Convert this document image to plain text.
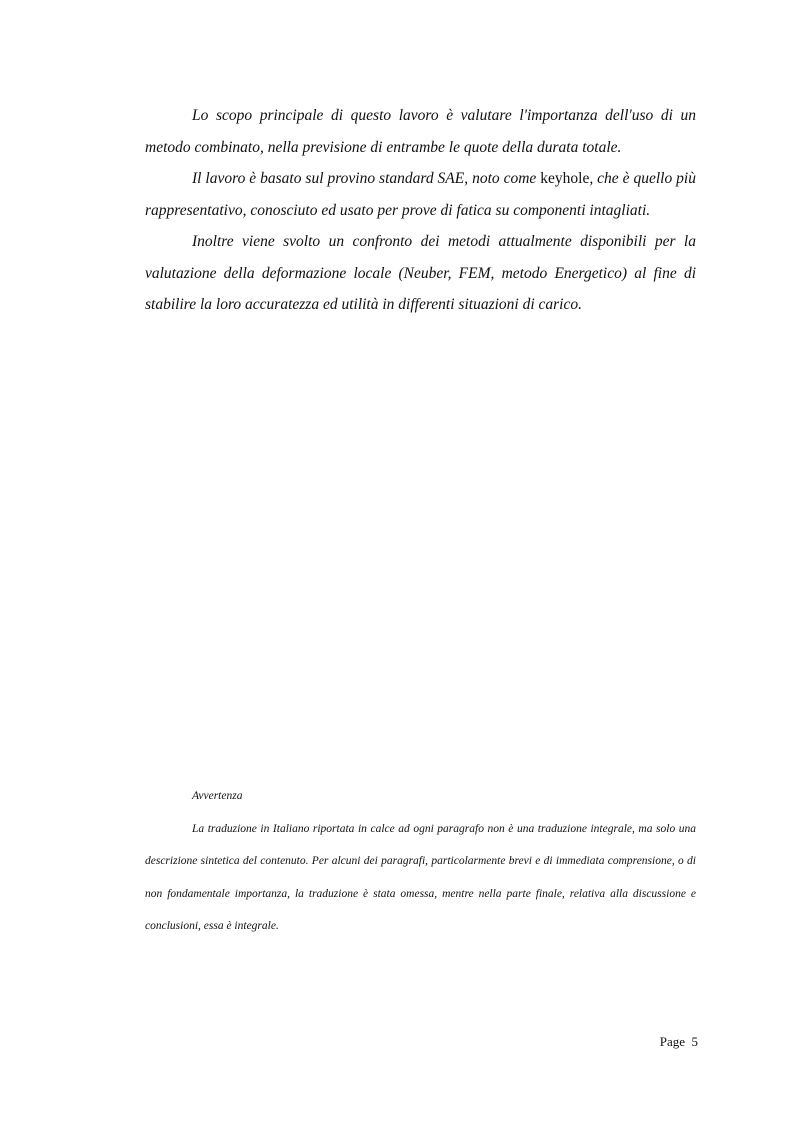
Lo scopo principale di questo lavoro è valutare l'importanza dell'uso di un metodo combinato, nella previsione di entrambe le quote della durata totale.

Il lavoro è basato sul provino standard SAE, noto come keyhole, che è quello più rappresentativo, conosciuto ed usato per prove di fatica su componenti intagliati.

Inoltre viene svolto un confronto dei metodi attualmente disponibili per la valutazione della deformazione locale (Neuber, FEM, metodo Energetico) al fine di stabilire la loro accuratezza ed utilità in differenti situazioni di carico.

Avvertenza

La traduzione in Italiano riportata in calce ad ogni paragrafo non è una traduzione integrale, ma solo una descrizione sintetica del contenuto. Per alcuni dei paragrafi, particolarmente brevi e di immediata comprensione, o di non fondamentale importanza, la traduzione è stata omessa, mentre nella parte finale, relativa alla discussione e conclusioni, essa è integrale.

Page  5
